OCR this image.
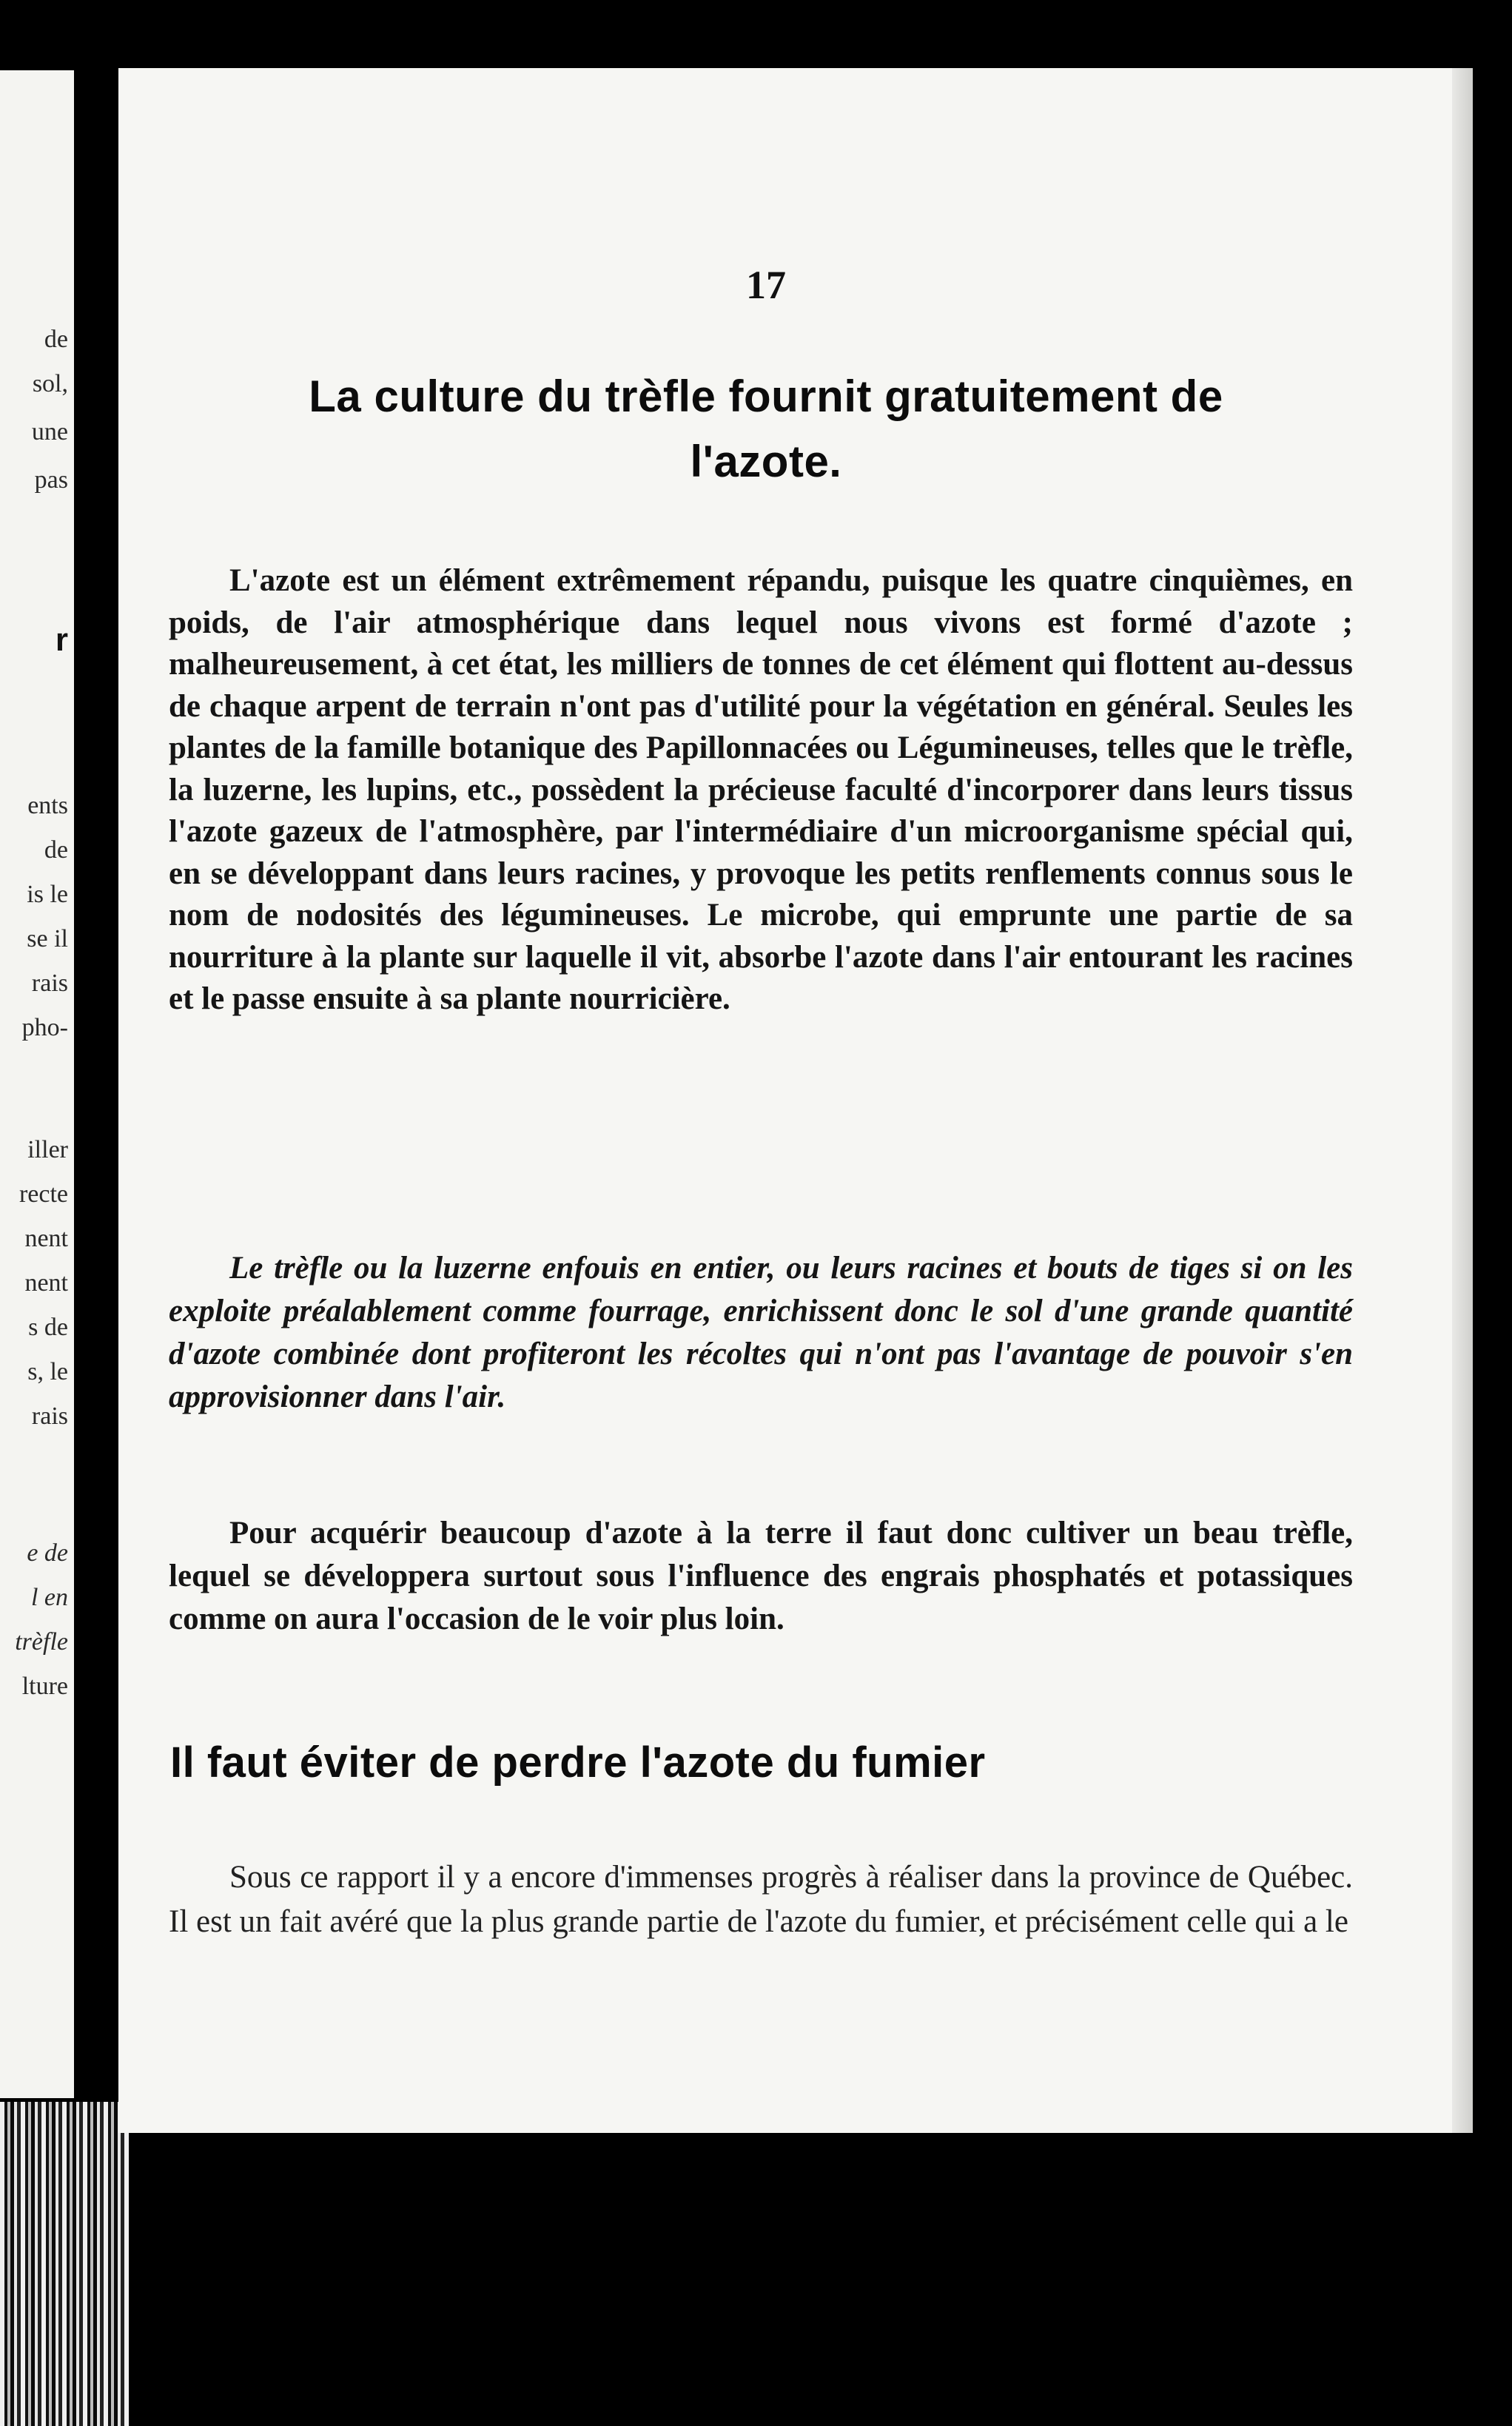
de
sol,
une
pas
r
ents
de
is le
se il
rais
pho-
iller
recte
nent
nent
s de
s, le
rais
e de
l en
trèfle
lture
17
La culture du trèfle fournit gratuitement de l'azote.

L'azote est un élément extrêmement répandu, puisque les quatre cinquièmes, en poids, de l'air atmosphérique dans lequel nous vivons est formé d'azote ; malheureusement, à cet état, les milliers de tonnes de cet élément qui flottent au-dessus de chaque arpent de terrain n'ont pas d'utilité pour la végétation en général. Seules les plantes de la famille botanique des Papillonnacées ou Légumineuses, telles que le trèfle, la luzerne, les lupins, etc., possèdent la précieuse faculté d'incorporer dans leurs tissus l'azote gazeux de l'atmosphère, par l'intermédiaire d'un microorganisme spécial qui, en se développant dans leurs racines, y provoque les petits renflements connus sous le nom de nodosités des légumineuses. Le microbe, qui emprunte une partie de sa nourriture à la plante sur laquelle il vit, absorbe l'azote dans l'air entourant les racines et le passe ensuite à sa plante nourricière.

Le trèfle ou la luzerne enfouis en entier, ou leurs racines et bouts de tiges si on les exploite préalablement comme fourrage, enrichissent donc le sol d'une grande quantité d'azote combinée dont profiteront les récoltes qui n'ont pas l'avantage de pouvoir s'en approvisionner dans l'air.

Pour acquérir beaucoup d'azote à la terre il faut donc cultiver un beau trèfle, lequel se développera surtout sous l'influence des engrais phosphatés et potassiques comme on aura l'occasion de le voir plus loin.

Il faut éviter de perdre l'azote du fumier

Sous ce rapport il y a encore d'immenses progrès à réaliser dans la province de Québec. Il est un fait avéré que la plus grande partie de l'azote du fumier, et précisément celle qui a le
